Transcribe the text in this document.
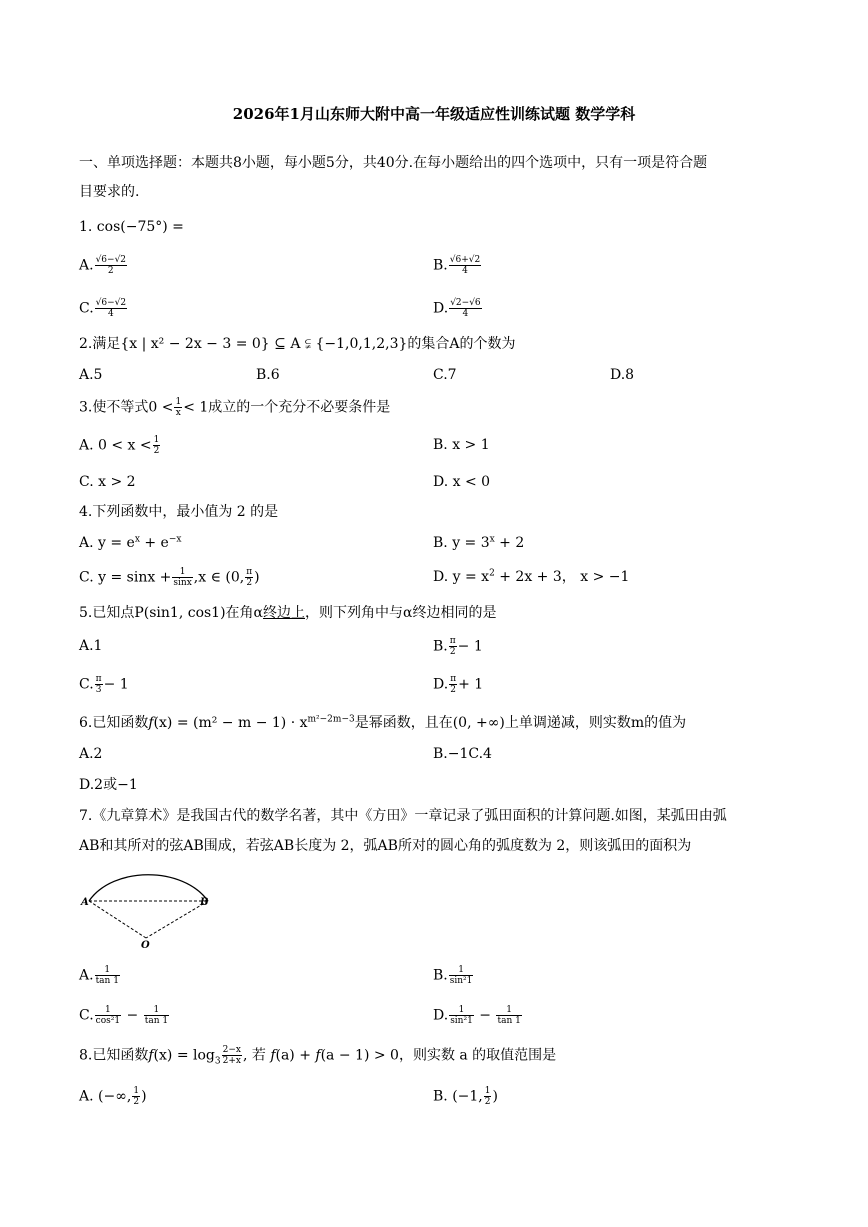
2026年1月山东师大附中高一年级适应性训练试题 数学学科
一、单项选择题：本题共8小题，每小题5分，共40分.在每小题给出的四个选项中，只有一项是符合题
目要求的.
1. cos(−75°) =
A. $\frac{√6-√2}{2}$	B. $\frac{√6+√2}{4}$
C. $\frac{√6-√2}{4}$	D. $\frac{√2-√6}{4}$
2.满足{x | x² − 2x − 3 = 0} ⊆ A ⫋ {−1,0,1,2,3}的集合A的个数为
A.5	B.6	C.7	D.8
3.使不等式$0 < \frac{1}{x} < 1$成立的一个充分不必要条件是
A. $0 < x < \frac{1}{2}$	B. x > 1
C. x > 2	D. x < 0
4.下列函数中，最小值为 2 的是
A. $y = e^x + e^{-x}$	B. $y = 3^x + 2$
C. $y = \sin x + \frac{1}{\sin x} ,x$ ∈ (0, $\frac{\pi}{2}$ )	D. $y = x^2 + 2x + 3$， x > −1
5.已知点P(sin1, cos1)在角α终边上，则下列角中与α终边相同的是
A.1	B. $\frac{\pi}{2} - 1$
C. $\frac{\pi}{3} - 1$	D. $\frac{\pi}{2} + 1$
6.已知函数$f(x) = (m^2 - m - 1) \cdot x^{m^2-2m-3}$是幂函数，且在(0, +∞)上单调递减，则实数m的值为
A.2	B.−1C.4
D.2或−1
7.《九章算术》是我国古代的数学名著，其中《方田》一章记录了弧田面积的计算问题.如图，某弧田由弧
AB和其所对的弦AB围成，若弦AB长度为 2，弧AB所对的圆心角的弧度数为 2，则该弧田的面积为
A	B
O
A. $\frac{1}{\tan 1}$	B. $\frac{1}{\text{sin²1}}$
C. $\frac{1}{\text{cos²1}} - \frac{1}{\tan 1}$	D. $\frac{1}{\text{sin²1}} - \frac{1}{\tan 1}$
8.已知函数$f(x) = \log_3 \frac{2-x}{2+x}$ , 若 f(a) + f(a − 1) > 0，则实数 a 的取值范围是
A. (−∞, $\frac{1}{2}$ )	B. (−1, $\frac{1}{2}$ )
